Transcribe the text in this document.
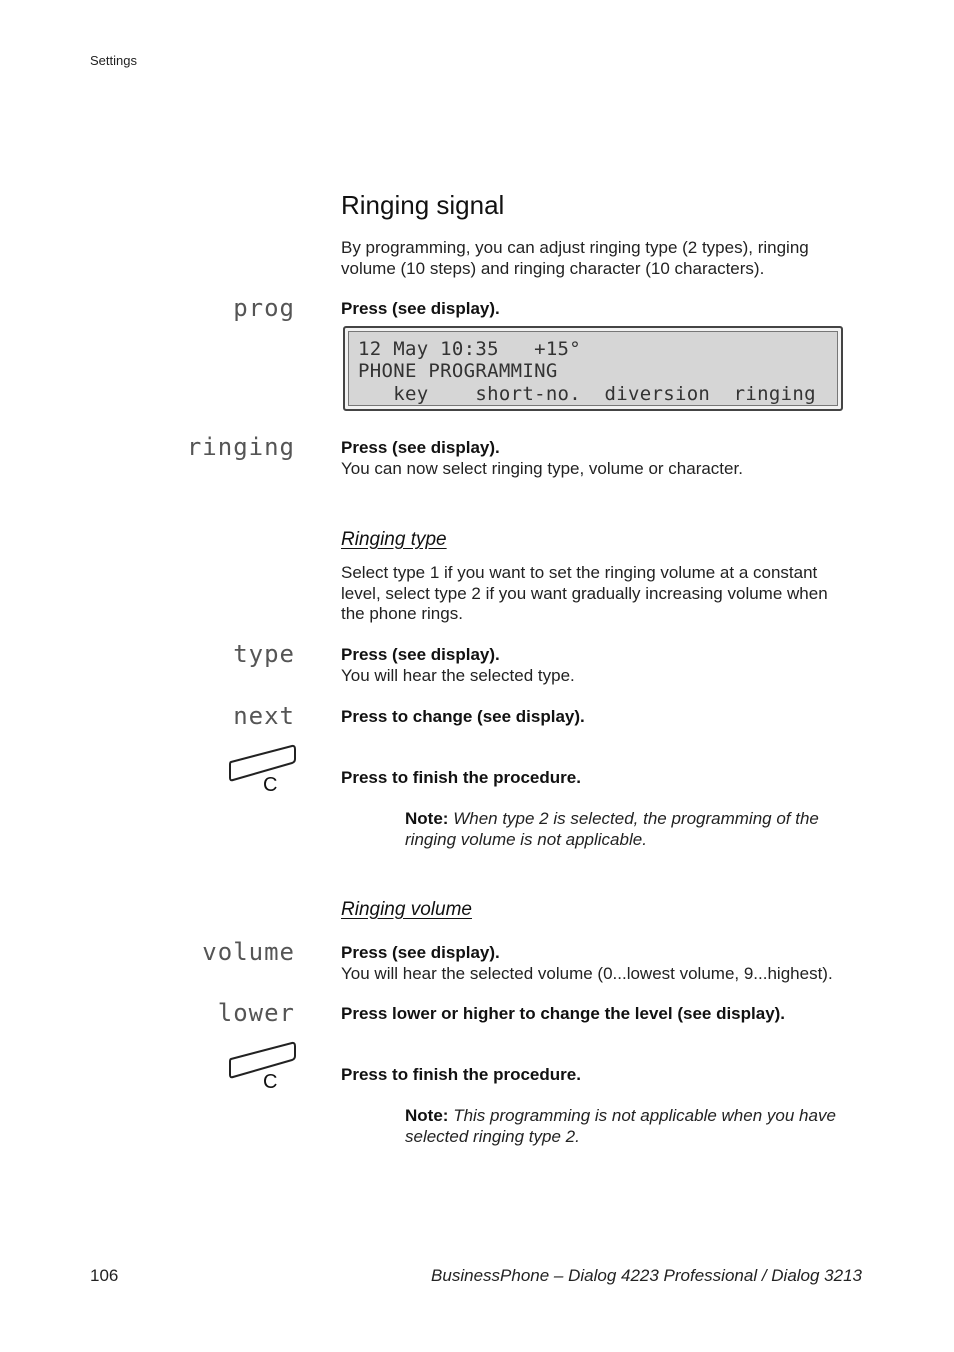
Settings
Ringing signal
By programming, you can adjust ringing type (2 types), ringing volume (10 steps) and ringing character (10 characters).
prog	Press (see display).
12 May 10:35   +15°
PHONE PROGRAMMING
key    short-no.  diversion  ringing
ringing	Press (see display).
You can now select ringing type, volume or character.
Ringing type
Select type 1 if you want to set the ringing volume at a constant level, select type 2 if you want gradually increasing volume when the phone rings.
type	Press (see display).
You will hear the selected type.
next	Press to change (see display).
C	Press to finish the procedure.
Note: When type 2 is selected, the programming of the ringing volume is not applicable.
Ringing volume
volume	Press (see display).
You will hear the selected volume (0...lowest volume, 9...highest).
lower	Press lower or higher to change the level (see display).
C	Press to finish the procedure.
Note: This programming is not applicable when you have selected ringing type 2.
106	BusinessPhone – Dialog 4223 Professional / Dialog 3213
